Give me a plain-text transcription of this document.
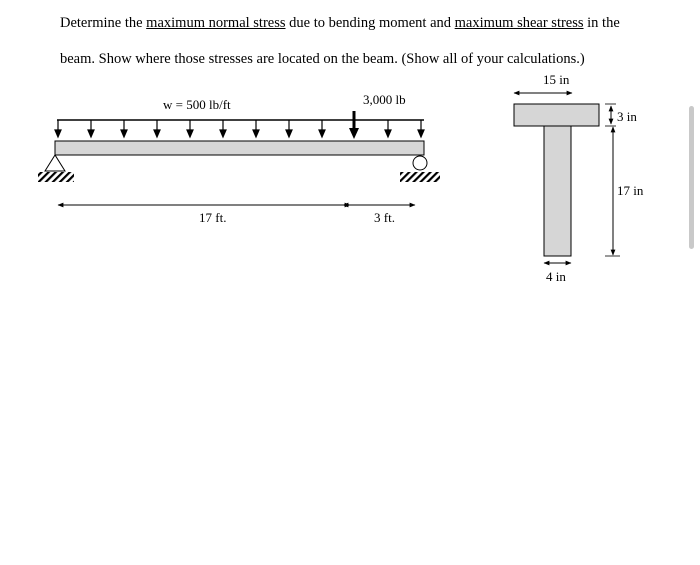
Determine the maximum normal stress due to bending moment and maximum shear stress in the
beam. Show where those stresses are located on the beam. (Show all of your calculations.)
w = 500 lb/ft	3,000 lb
17 ft.	3 ft.
15 in
3 in
17 in
4 in
